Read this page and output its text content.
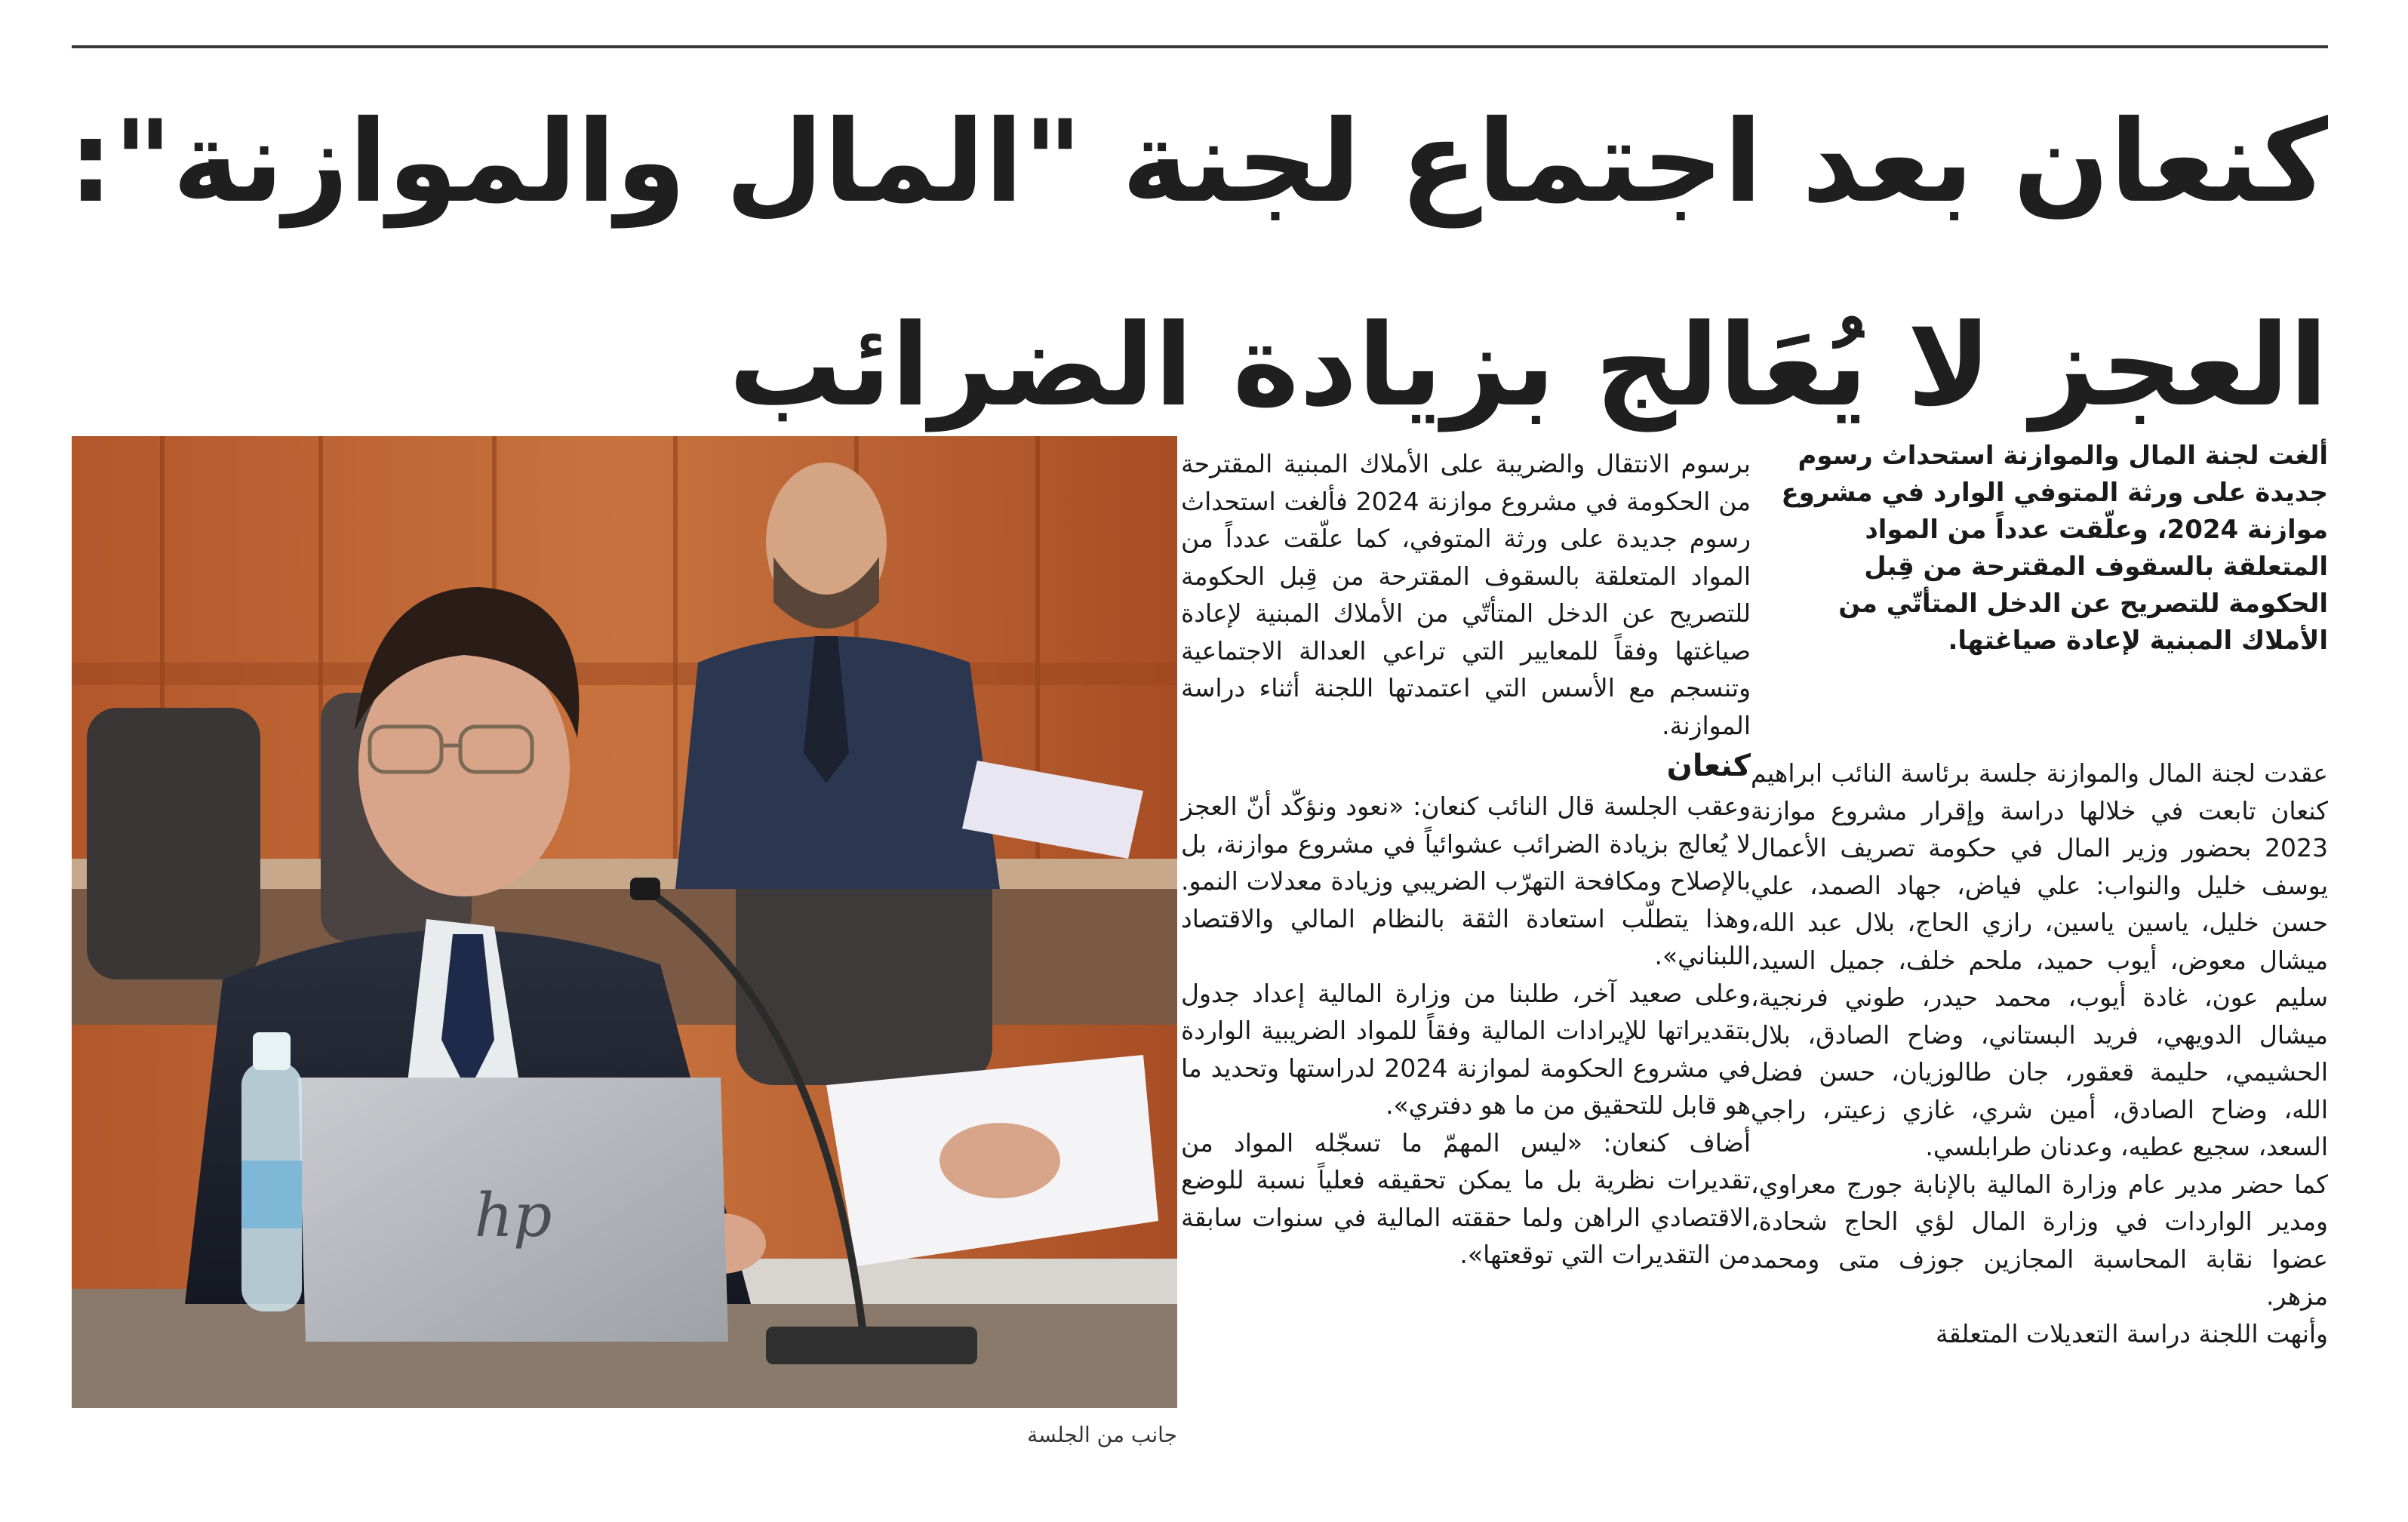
كنعان بعد اجتماع لجنة "المال والموازنة":
العجز لا يُعَالج بزيادة الضرائب
ألغت لجنة المال والموازنة استحداث رسوم جديدة على ورثة المتوفي الوارد في مشروع موازنة 2024، وعلّقت عدداً من المواد المتعلقة بالسقوف المقترحة من قِبل الحكومة للتصريح عن الدخل المتأتّي من الأملاك المبنية لإعادة صياغتها.

عقدت لجنة المال والموازنة جلسة برئاسة النائب ابراهيم كنعان تابعت في خلالها دراسة وإقرار مشروع موازنة 2023 بحضور وزير المال في حكومة تصريف الأعمال يوسف خليل والنواب: علي فياض، جهاد الصمد، علي حسن خليل، ياسين ياسين، رازي الحاج، بلال عبد الله، ميشال معوض، أيوب حميد، ملحم خلف، جميل السيد، سليم عون، غادة أيوب، محمد حيدر، طوني فرنجية، ميشال الدويهي، فريد البستاني، وضاح الصادق، بلال الحشيمي، حليمة قعقور، جان طالوزيان، حسن فضل الله، وضاح الصادق، أمين شري، غازي زعيتر، راجي السعد، سجيع عطيه، وعدنان طرابلسي.

كما حضر مدير عام وزارة المالية بالإنابة جورج معراوي، ومدير الواردات في وزارة المال لؤي الحاج شحادة، عضوا نقابة المحاسبة المجازين جوزف متى ومحمد مزهر.

وأنهت اللجنة دراسة التعديلات المتعلقة

برسوم الانتقال والضريبة على الأملاك المبنية المقترحة من الحكومة في مشروع موازنة 2024 فألغت استحداث رسوم جديدة على ورثة المتوفي، كما علّقت عدداً من المواد المتعلقة بالسقوف المقترحة من قِبل الحكومة للتصريح عن الدخل المتأتّي من الأملاك المبنية لإعادة صياغتها وفقاً للمعايير التي تراعي العدالة الاجتماعية وتنسجم مع الأسس التي اعتمدتها اللجنة أثناء دراسة الموازنة.

كنعان

وعقب الجلسة قال النائب كنعان: «نعود ونؤكّد أنّ العجز لا يُعالج بزيادة الضرائب عشوائياً في مشروع موازنة، بل بالإصلاح ومكافحة التهرّب الضريبي وزيادة معدلات النمو. وهذا يتطلّب استعادة الثقة بالنظام المالي والاقتصاد اللبناني».

وعلى صعيد آخر، طلبنا من وزارة المالية إعداد جدول بتقديراتها للإيرادات المالية وفقاً للمواد الضريبية الواردة في مشروع الحكومة لموازنة 2024 لدراستها وتحديد ما هو قابل للتحقيق من ما هو دفتري».

أضاف كنعان: «ليس المهمّ ما تسجّله المواد من تقديرات نظرية بل ما يمكن تحقيقه فعلياً نسبة للوضع الاقتصادي الراهن ولما حققته المالية في سنوات سابقة من التقديرات التي توقعتها».

hp
جانب من الجلسة
